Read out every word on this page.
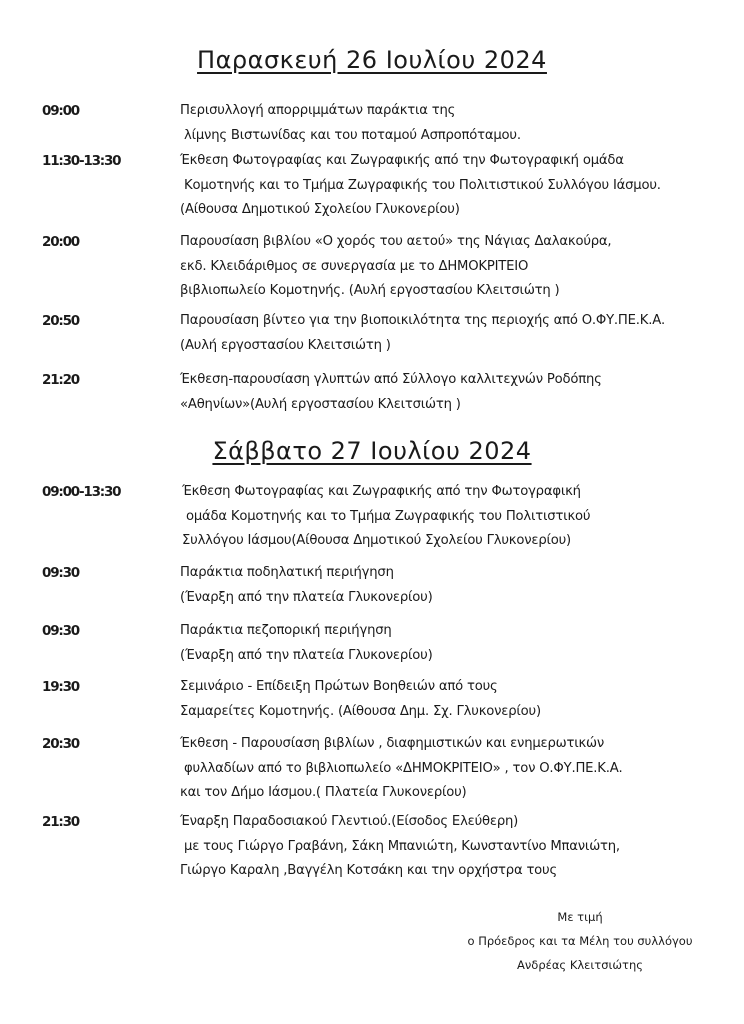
Παρασκευή 26 Ιουλίου 2024
09:00	Περισυλλογή απορριμμάτων παράκτια της
λίμνης Βιστωνίδας και του ποταμού Ασπροπόταμου.
11:30-13:30	Έκθεση Φωτογραφίας και Ζωγραφικής από την Φωτογραφική ομάδα
Κομοτηνής και το Τμήμα Ζωγραφικής του Πολιτιστικού Συλλόγου Ιάσμου.
(Αίθουσα Δημοτικού Σχολείου Γλυκονερίου)
20:00	Παρουσίαση βιβλίου «Ο χορός του αετού» της Νάγιας Δαλακούρα,
εκδ. Κλειδάριθμος σε συνεργασία με το ΔΗΜΟΚΡΙΤΕΙΟ
βιβλιοπωλείο Κομοτηνής. (Αυλή εργοστασίου Κλειτσιώτη )
20:50	Παρουσίαση βίντεο για την βιοποικιλότητα της περιοχής από Ο.ΦΥ.ΠΕ.Κ.Α.
(Αυλή εργοστασίου Κλειτσιώτη )
21:20	Έκθεση-παρουσίαση γλυπτών από Σύλλογο καλλιτεχνών Ροδόπης
«Αθηνίων»(Αυλή εργοστασίου Κλειτσιώτη )
Σάββατο 27 Ιουλίου 2024
09:00-13:30	Έκθεση Φωτογραφίας και Ζωγραφικής από την Φωτογραφική
ομάδα Κομοτηνής και το Τμήμα Ζωγραφικής του Πολιτιστικού
Συλλόγου Ιάσμου(Αίθουσα Δημοτικού Σχολείου Γλυκονερίου)
09:30	Παράκτια ποδηλατική περιήγηση
(Έναρξη από την πλατεία Γλυκονερίου)
09:30	Παράκτια πεζοπορική περιήγηση
(Έναρξη από την πλατεία Γλυκονερίου)
19:30	Σεμινάριο - Επίδειξη Πρώτων Βοηθειών από τους
Σαμαρείτες Κομοτηνής. (Αίθουσα Δημ. Σχ. Γλυκονερίου)
20:30	Έκθεση - Παρουσίαση βιβλίων , διαφημιστικών και ενημερωτικών
φυλλαδίων από το βιβλιοπωλείο «ΔΗΜΟΚΡΙΤΕΙΟ» , τον Ο.ΦΥ.ΠΕ.Κ.Α.
και τον Δήμο Ιάσμου.( Πλατεία Γλυκονερίου)
21:30	Έναρξη Παραδοσιακού Γλεντιού.(Είσοδος Ελεύθερη)
με τους Γιώργο Γραβάνη, Σάκη Μπανιώτη, Κωνσταντίνο Μπανιώτη,
Γιώργο Καραλη ,Βαγγέλη Κοτσάκη και την ορχήστρα τους
Με τιμή
ο Πρόεδρος και τα Μέλη του συλλόγου
Ανδρέας Κλειτσιώτης
